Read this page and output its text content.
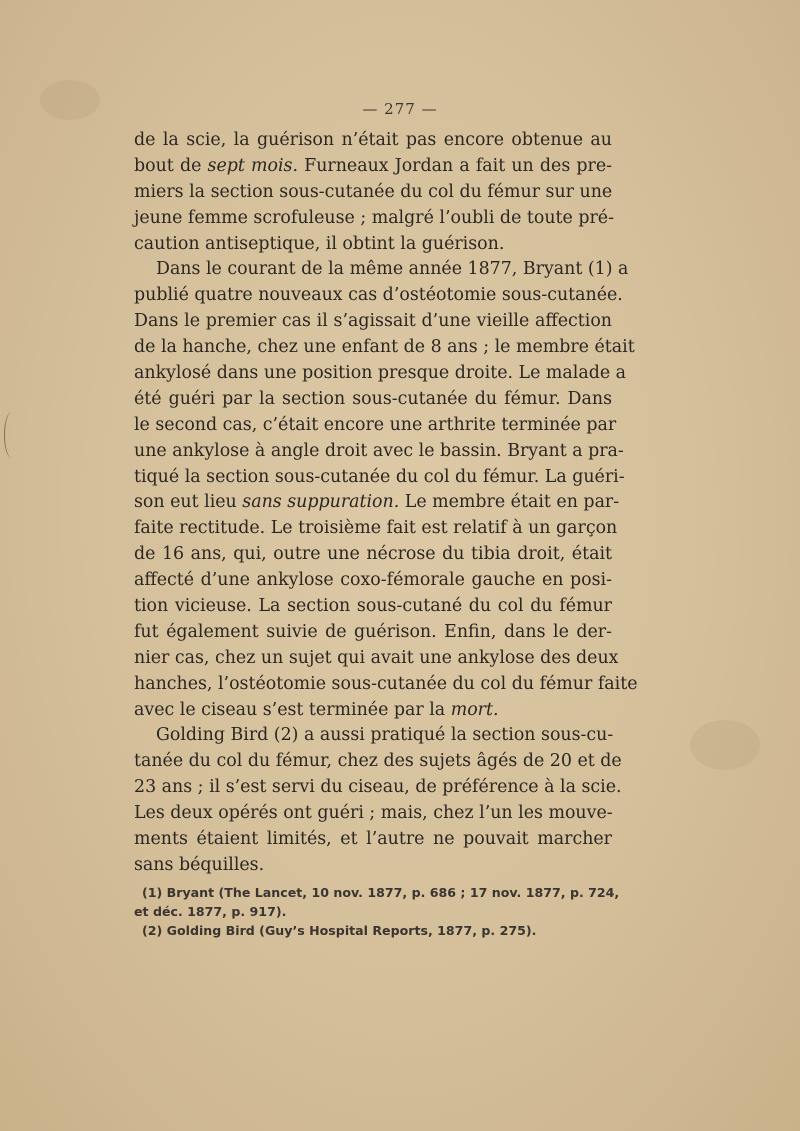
— 277 —
de la scie, la guérison n’était pas encore obtenue au
bout de sept mois. Furneaux Jordan a fait un des pre-
miers la section sous-cutanée du col du fémur sur une
jeune femme scrofuleuse ; malgré l’oubli de toute pré-
caution antiseptique, il obtint la guérison.
Dans le courant de la même année 1877, Bryant (1) a
publié quatre nouveaux cas d’ostéotomie sous-cutanée.
Dans le premier cas il s’agissait d’une vieille affection
de la hanche, chez une enfant de 8 ans ; le membre était
ankylosé dans une position presque droite. Le malade a
été guéri par la section sous-cutanée du fémur. Dans
le second cas, c’était encore une arthrite terminée par
une ankylose à angle droit avec le bassin. Bryant a pra-
tiqué la section sous-cutanée du col du fémur. La guéri-
son eut lieu sans suppuration. Le membre était en par-
faite rectitude. Le troisième fait est relatif à un garçon
de 16 ans, qui, outre une nécrose du tibia droit, était
affecté d’une ankylose coxo-fémorale gauche en posi-
tion vicieuse. La section sous-cutané du col du fémur
fut également suivie de guérison. Enfin, dans le der-
nier cas, chez un sujet qui avait une ankylose des deux
hanches, l’ostéotomie sous-cutanée du col du fémur faite
avec le ciseau s’est terminée par la mort.
Golding Bird (2) a aussi pratiqué la section sous-cu-
tanée du col du fémur, chez des sujets âgés de 20 et de
23 ans ; il s’est servi du ciseau, de préférence à la scie.
Les deux opérés ont guéri ; mais, chez l’un les mouve-
ments étaient limités, et l’autre ne pouvait marcher
sans béquilles.
(1) Bryant (The Lancet, 10 nov. 1877, p. 686 ; 17 nov. 1877, p. 724,
et déc. 1877, p. 917).
(2) Golding Bird (Guy’s Hospital Reports, 1877, p. 275).
